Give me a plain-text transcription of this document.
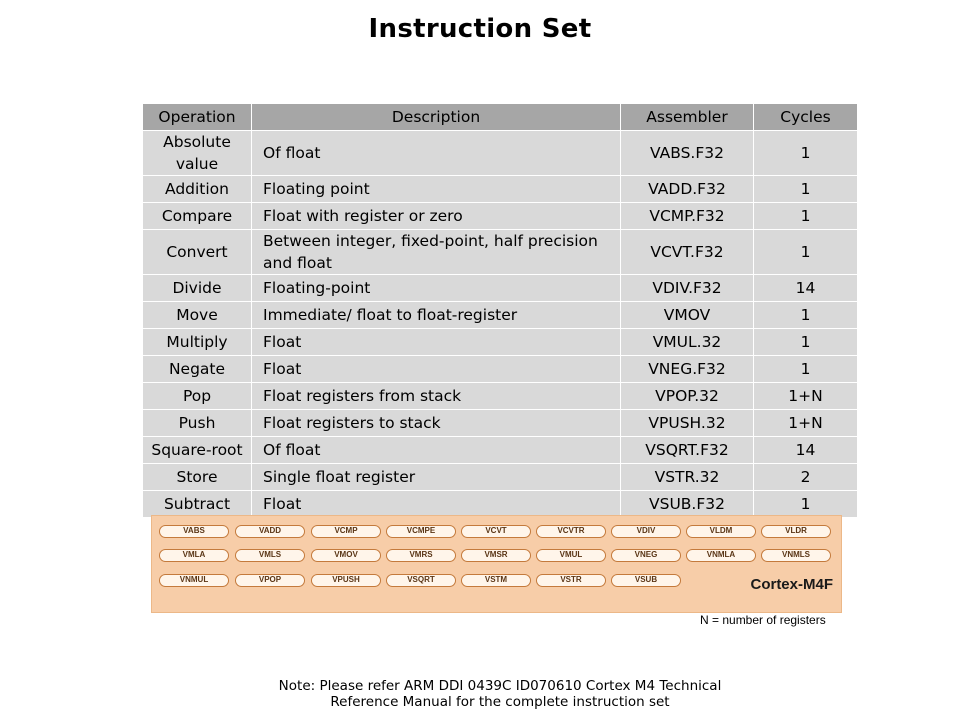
Instruction Set
Operation	Description	Assembler	Cycles
Absolute value	Of float	VABS.F32	1
Addition	Floating point	VADD.F32	1
Compare	Float with register or zero	VCMP.F32	1
Convert	Between integer, fixed-point, half precision and float	VCVT.F32	1
Divide	Floating-point	VDIV.F32	14
Move	Immediate/ float to float-register	VMOV	1
Multiply	Float	VMUL.32	1
Negate	Float	VNEG.F32	1
Pop	Float registers from stack	VPOP.32	1+N
Push	Float registers to stack	VPUSH.32	1+N
Square-root	Of float	VSQRT.F32	14
Store	Single float register	VSTR.32	2
Subtract	Float	VSUB.F32	1
VABS	VADD	VCMP	VCMPE	VCVT	VCVTR	VDIV	VLDM	VLDR
VMLA	VMLS	VMOV	VMRS	VMSR	VMUL	VNEG	VNMLA	VNMLS
VNMUL	VPOP	VPUSH	VSQRT	VSTM	VSTR	VSUB	Cortex-M4F
N = number of registers
Note: Please refer ARM DDI 0439C ID070610 Cortex M4 Technical
Reference Manual for the complete instruction set
